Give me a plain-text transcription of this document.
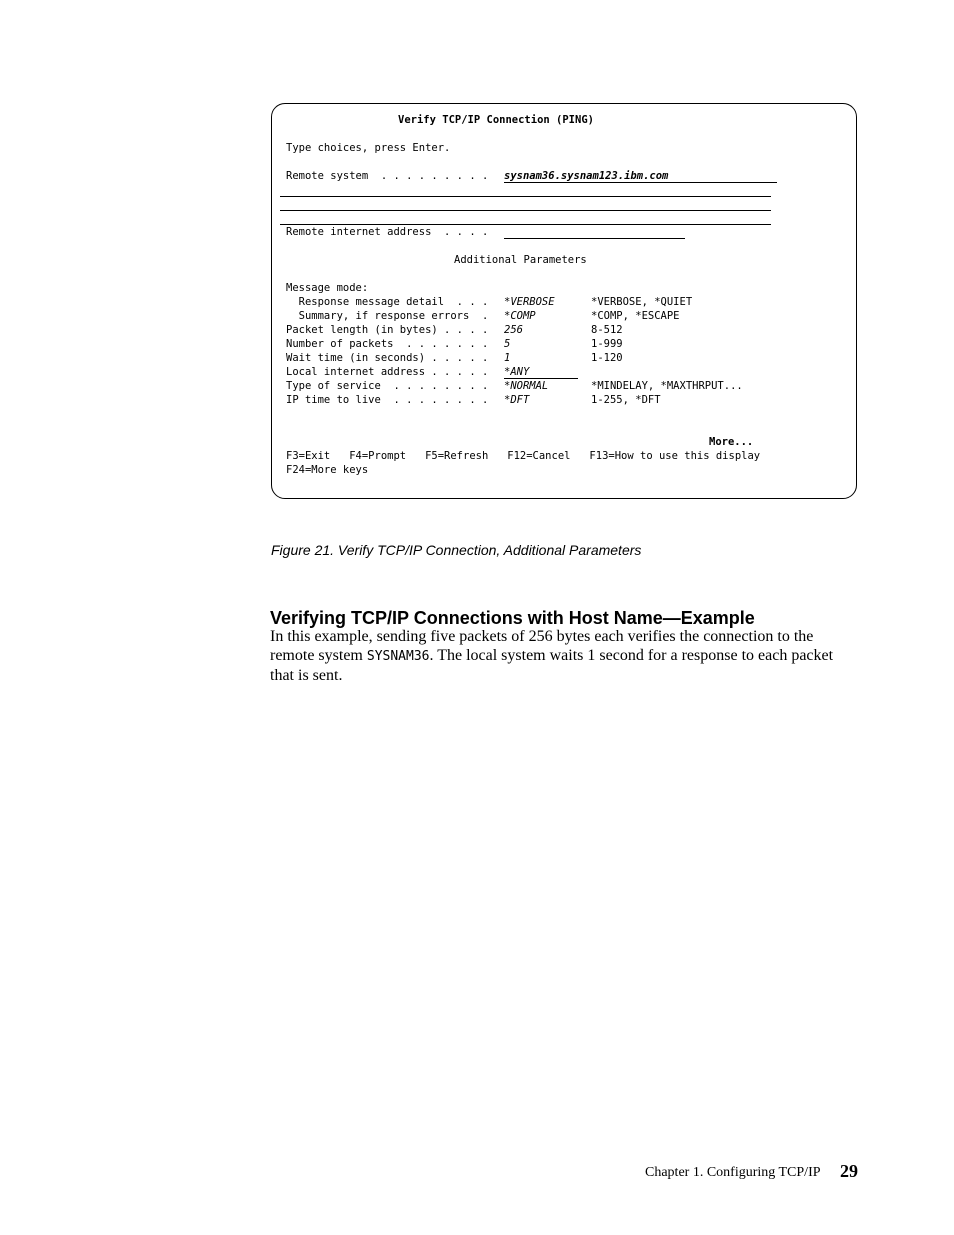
Verify TCP/IP Connection (PING)

Type choices, press Enter.

Remote system  . . . . . . . . . sysnam36.sysnam123.ibm.com

Remote internet address  . . . .

Additional Parameters

Message mode:

Response message detail  . . . *VERBOSE	*VERBOSE, *QUIET

Summary, if response errors  . *COMP	*COMP, *ESCAPE

Packet length (in bytes) . . . . 256	8-512

Number of packets  . . . . . . . 5	1-999

Wait time (in seconds) . . . . . 1	1-120

Local internet address . . . . . *ANY

Type of service  . . . . . . . . *NORMAL	*MINDELAY, *MAXTHRPUT...

IP time to live  . . . . . . . . *DFT	1-255, *DFT

More...

F3=Exit   F4=Prompt   F5=Refresh   F12=Cancel   F13=How to use this display

F24=More keys

Figure 21. Verify TCP/IP Connection, Additional Parameters

Verifying TCP/IP Connections with Host Name—Example

In this example, sending five packets of 256 bytes each verifies the connection to the remote system SYSNAM36. The local system waits 1 second for a response to each packet that is sent.

Chapter 1. Configuring TCP/IP 29
